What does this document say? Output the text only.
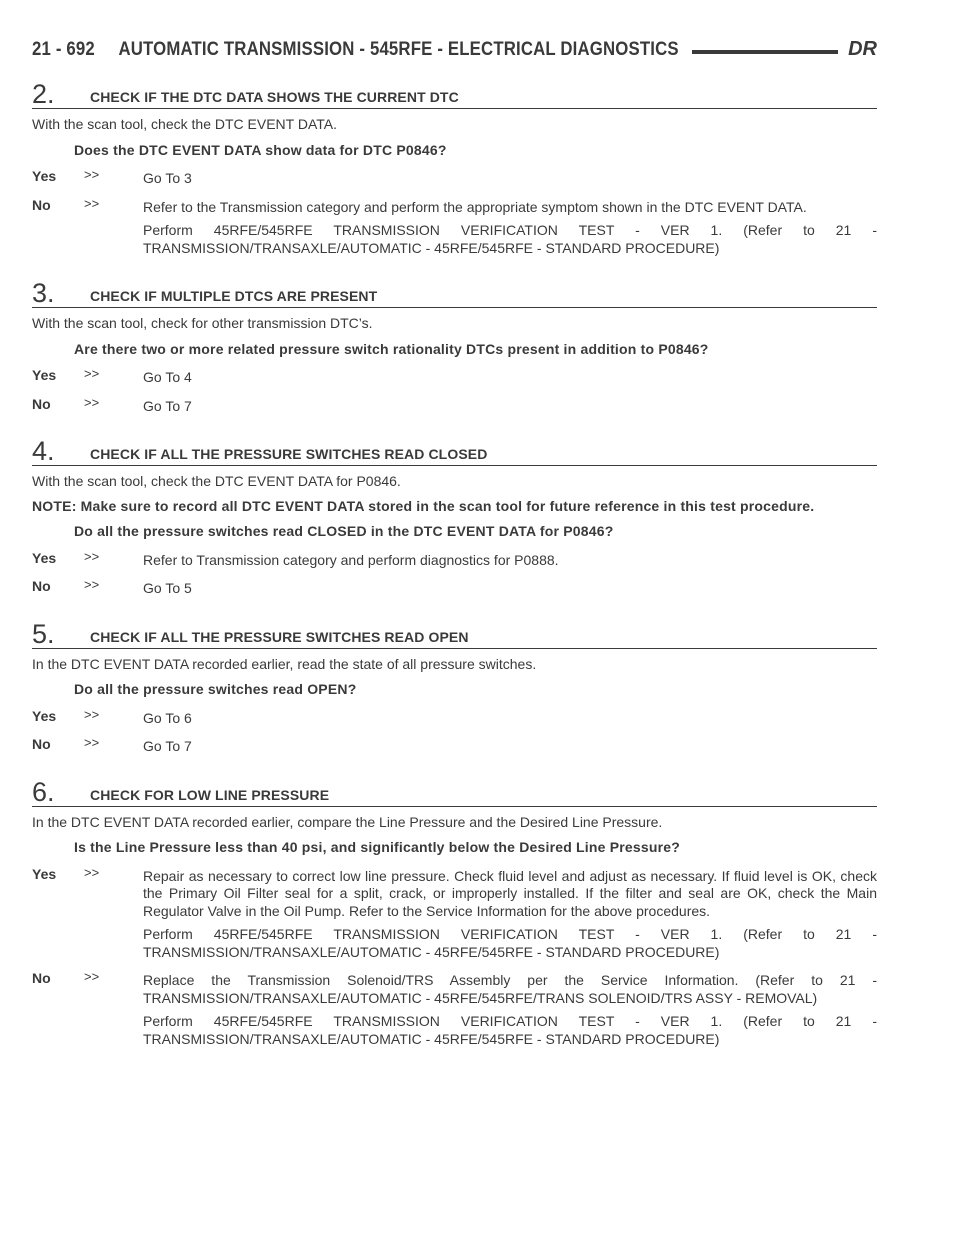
21 - 692     AUTOMATIC TRANSMISSION - 545RFE - ELECTRICAL DIAGNOSTICS	DR
2.	CHECK IF THE DTC DATA SHOWS THE CURRENT DTC

With the scan tool, check the DTC EVENT DATA.

Does the DTC EVENT DATA show data for DTC P0846?

Yes >>	Go To 3

No	>>	Refer to the Transmission category and perform the appropriate symptom shown in the DTC EVENT DATA.

Perform 45RFE/545RFE TRANSMISSION VERIFICATION TEST - VER 1. (Refer to 21 - TRANSMISSION/TRANSAXLE/AUTOMATIC - 45RFE/545RFE - STANDARD PROCEDURE)

3.	CHECK IF MULTIPLE DTCS ARE PRESENT

With the scan tool, check for other transmission DTC’s.

Are there two or more related pressure switch rationality DTCs present in addition to P0846?

Yes >>	Go To 4

No	>>	Go To 7

4.	CHECK IF ALL THE PRESSURE SWITCHES READ CLOSED

With the scan tool, check the DTC EVENT DATA for P0846.

NOTE: Make sure to record all DTC EVENT DATA stored in the scan tool for future reference in this test procedure.

Do all the pressure switches read CLOSED in the DTC EVENT DATA for P0846?

Yes >>	Refer to Transmission category and perform diagnostics for P0888.

No	>>	Go To 5

5.	CHECK IF ALL THE PRESSURE SWITCHES READ OPEN

In the DTC EVENT DATA recorded earlier, read the state of all pressure switches.

Do all the pressure switches read OPEN?

Yes >>	Go To 6

No	>>	Go To 7

6.	CHECK FOR LOW LINE PRESSURE

In the DTC EVENT DATA recorded earlier, compare the Line Pressure and the Desired Line Pressure.

Is the Line Pressure less than 40 psi, and significantly below the Desired Line Pressure?

Yes >>	Repair as necessary to correct low line pressure. Check fluid level and adjust as necessary. If fluid level is OK, check the Primary Oil Filter seal for a split, crack, or improperly installed. If the filter and seal are OK, check the Main Regulator Valve in the Oil Pump. Refer to the Service Information for the above procedures.

Perform 45RFE/545RFE TRANSMISSION VERIFICATION TEST - VER 1. (Refer to 21 - TRANSMISSION/TRANSAXLE/AUTOMATIC - 45RFE/545RFE - STANDARD PROCEDURE)

No	>>	Replace the Transmission Solenoid/TRS Assembly per the Service Information. (Refer to 21 - TRANSMISSION/TRANSAXLE/AUTOMATIC - 45RFE/545RFE/TRANS SOLENOID/TRS ASSY - REMOVAL)

Perform 45RFE/545RFE TRANSMISSION VERIFICATION TEST - VER 1. (Refer to 21 - TRANSMISSION/TRANSAXLE/AUTOMATIC - 45RFE/545RFE - STANDARD PROCEDURE)
